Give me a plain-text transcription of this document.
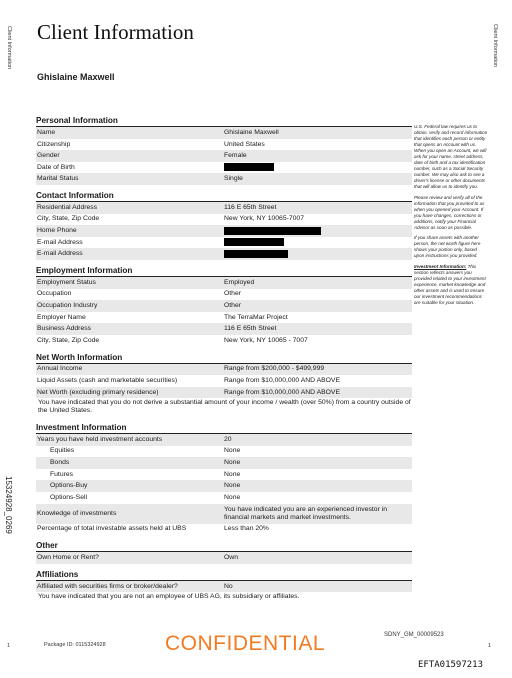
Client Information	Client Information
15324928_0269
Client Information
Ghislaine Maxwell
Personal Information
Name	Ghislaine Maxwell
Citizenship	United States
Gender	Female
Date of Birth
Marital Status	Single
Contact Information
Residential Address	116 E 65th Street
City, State, Zip Code	New York, NY 10065-7007
Home Phone
E-mail Address
E-mail Address
Employment Information
Employment Status	Employed
Occupation	Other
Occupation Industry	Other
Employer Name	The TerraMar Project
Business Address	116 E 65th Street
City, State, Zip Code	New York, NY 10065 - 7007
Net Worth Information
Annual Income	Range from $200,000 - $499,999
Liquid Assets (cash and marketable securities)	Range from $10,000,000 AND ABOVE
Net Worth (excluding primary residence)	Range from $10,000,000 AND ABOVE
You have indicated that you do not derive a substantial amount of your income / wealth (over 50%) from a country outside of the United States.
Investment Information
Years you have held investment accounts	20
Equities	None
Bonds	None
Futures	None
Options-Buy	None
Options-Sell	None
Knowledge of investments
You have indicated you are an experienced investor in financial markets and market investments.
Percentage of total investable assets held at UBS	Less than 20%
Other
Own Home or Rent?	Own
Affiliations
Affiliated with securities firms or broker/dealer?	No
You have indicated that you are not an employee of UBS AG, its subsidiary or affiliates.

U.S. Federal law requires us to obtain, verify and record information that identifies each person or entity that opens an Account with us. When you open an Account, we will ask for your name, street address, date of birth and a tax identification number, such as a Social Security number. We may also ask to see a driver's license or other documents that will allow us to identify you.

Please review and verify all of the information that you provided to us when you opened your Account. If you have changes, corrections or additions, notify your Financial Advisor as soon as possible.

If you share assets with another person, the net worth figure here shows your portion only, based upon instructions you provided.

Investment Information: This section reflects answers you provided related to your investment experience, market knowledge and other assets and is used to ensure our investment recommendations are suitable for your situation.

1	Package ID: 0115324928	CONFIDENTIAL	SDNY_GM_00009523
1
EFTA01597213
